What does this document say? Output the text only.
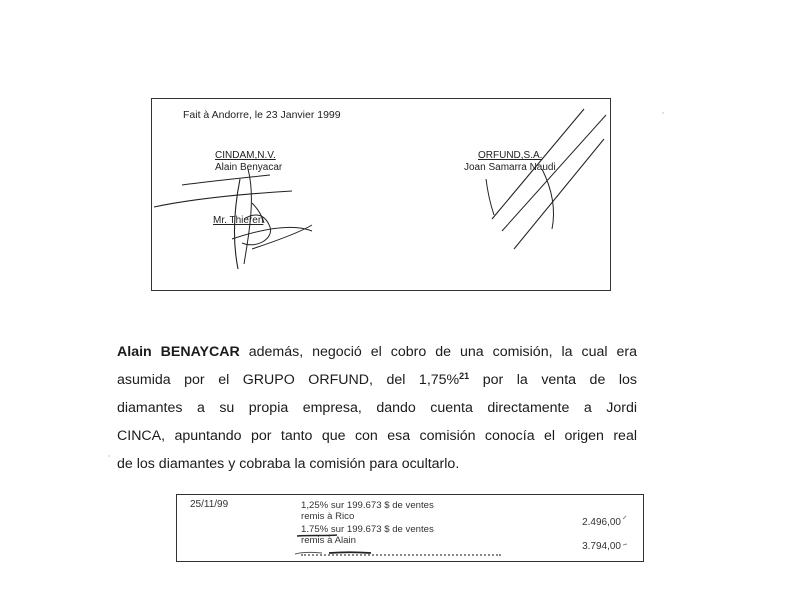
Fait à Andorre, le 23 Janvier 1999
CINDAM,N.V.
Alain Benyacar
Mr. Thieren
ORFUND,S.A.
Joan Samarra Naudi
Alain BENAYCAR además, negoció el cobro de una comisión, la cual era
asumida por el GRUPO ORFUND, del 1,75%$^{21}$ por la venta de los
diamantes a su propia empresa, dando cuenta directamente a Jordi
CINCA, apuntando por tanto que con esa comisión conocía el origen real
de los diamantes y cobraba la comisión para ocultarlo.
25/11/99	1,25% sur 199.673 $ de ventes
remis à Rico
1.75% sur 199.673 $ de ventes
remis à Alain
2.496,00
3.794,00
